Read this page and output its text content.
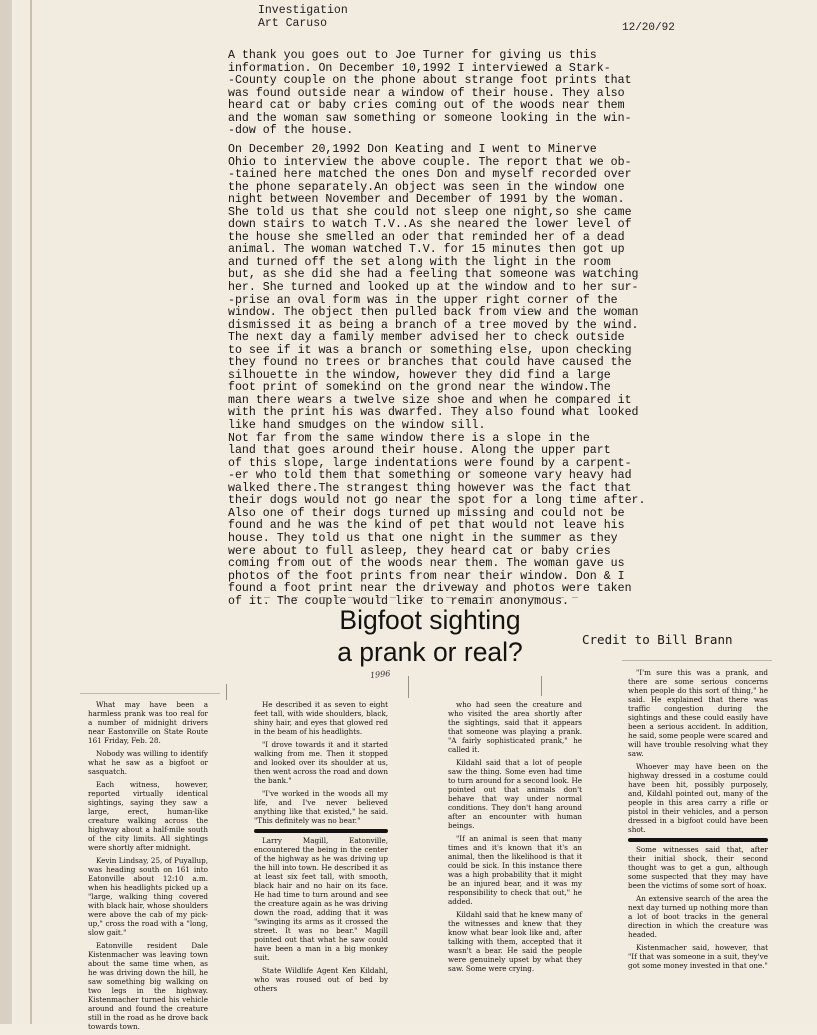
Investigation
Art Caruso	12/20/92
A thank you goes out to Joe Turner for giving us this
information. On December 10,1992 I interviewed a Stark-
-County couple on the phone about strange foot prints that
was found outside near a window of their house. They also
heard cat or baby cries coming out of the woods near them
and the woman saw something or someone looking in the win-
-dow of the house.
On December 20,1992 Don Keating and I went to Minerve
Ohio to interview the above couple. The report that we ob-
-tained here matched the ones Don and myself recorded over
the phone separately.An object was seen in the window one
night between November and December of 1991 by the woman.
She told us that she could not sleep one night,so she came
down stairs to watch T.V..As she neared the lower level of
the house she smelled an oder that reminded her of a dead
animal. The woman watched T.V. for 15 minutes then got up
and turned off the set along with the light in the room
but, as she did she had a feeling that someone was watching
her. She turned and looked up at the window and to her sur-
-prise an oval form was in the upper right corner of the
window. The object then pulled back from view and the woman
dismissed it as being a branch of a tree moved by the wind.
The next day a family member advised her to check outside
to see if it was a branch or something else, upon checking
they found no trees or branches that could have caused the
silhouette in the window, however they did find a large
foot print of somekind on the grond near the window.The
man there wears a twelve size shoe and when he compared it
with the print his was dwarfed. They also found what looked
like hand smudges on the window sill.
Not far from the same window there is a slope in the
land that goes around their house. Along the upper part
of this slope, large indentations were found by a carpent-
-er who told them that something or someone vary heavy had
walked there.The strangest thing however was the fact that
their dogs would not go near the spot for a long time after.
Also one of their dogs turned up missing and could not be
found and he was the kind of pet that would not leave his
house. They told us that one night in the summer as they
were about to full asleep, they heard cat or baby cries
coming from out of the woods near them. The woman gave us
photos of the foot prints from near their window. Don & I
found a foot print near the driveway and photos were taken
of it. The couple would like to remain anonymous.
Bigfoot sighting
a prank or real?
1996
Credit to Bill Brann

What may have been a harmless prank was too real for a number of midnight drivers near Eastonville on State Route 161 Friday, Feb. 28.

Nobody was willing to identify what he saw as a bigfoot or sasquatch.

Each witness, however, reported virtually identical sightings, saying they saw a large, erect, human-like creature walking across the highway about a half-mile south of the city limits. All sightings were shortly after midnight.

Kevin Lindsay, 25, of Puyallup, was heading south on 161 into Eatonville about 12:10 a.m. when his headlights picked up a "large, walking thing covered with black hair, whose shoulders were above the cab of my pick-up," cross the road with a "long, slow gait."

Eatonville resident Dale Kistenmacher was leaving town about the same time when, as he was driving down the hill, he saw something big walking on two legs in the highway. Kistenmacher turned his vehicle around and found the creature still in the road as he drove back towards town.

He described it as seven to eight feet tall, with wide shoulders, black, shiny hair, and eyes that glowed red in the beam of his headlights.

"I drove towards it and it started walking from me. Then it stopped and looked over its shoulder at us, then went across the road and down the bank."

"I've worked in the woods all my life, and I've never believed anything like that existed," he said. "This definitely was no bear."

Larry Magill, Eatonville, encountered the being in the center of the highway as he was driving up the hill into town. He described it as at least six feet tall, with smooth, black hair and no hair on its face. He had time to turn around and see the creature again as he was driving down the road, adding that it was "swinging its arms as it crossed the street. It was no bear." Magill pointed out that what he saw could have been a man in a big monkey suit.

State Wildlife Agent Ken Kildahl, who was roused out of bed by others

who had seen the creature and who visited the area shortly after the sightings, said that it appears that someone was playing a prank. "A fairly sophisticated prank," he called it.

Kildahl said that a lot of people saw the thing. Some even had time to turn around for a second look. He pointed out that animals don't behave that way under normal conditions. They don't hang around after an encounter with human beings.

"If an animal is seen that many times and it's known that it's an animal, then the likelihood is that it could be sick. In this instance there was a high probability that it might be an injured bear, and it was my responsibility to check that out," he added.

Kildahl said that he knew many of the witnesses and knew that they know what bear look like and, after talking with them, accepted that it wasn't a bear. He said the people were genuinely upset by what they saw. Some were crying.

"I'm sure this was a prank, and there are some serious concerns when people do this sort of thing," he said. He explained that there was traffic congestion during the sightings and these could easily have been a serious accident. In addition, he said, some people were scared and will have trouble resolving what they saw.

Whoever may have been on the highway dressed in a costume could have been hit, possibly purposely, and, Kildahl pointed out, many of the people in this area carry a rifle or pistol in their vehicles, and a person dressed in a bigfoot could have been shot.

Some witnesses said that, after their initial shock, their second thought was to get a gun, although some suspected that they may have been the victims of some sort of hoax.

An extensive search of the area the next day turned up nothing more than a lot of boot tracks in the general direction in which the creature was headed.

Kistenmacher said, however, that "If that was someone in a suit, they've got some money invested in that one."
